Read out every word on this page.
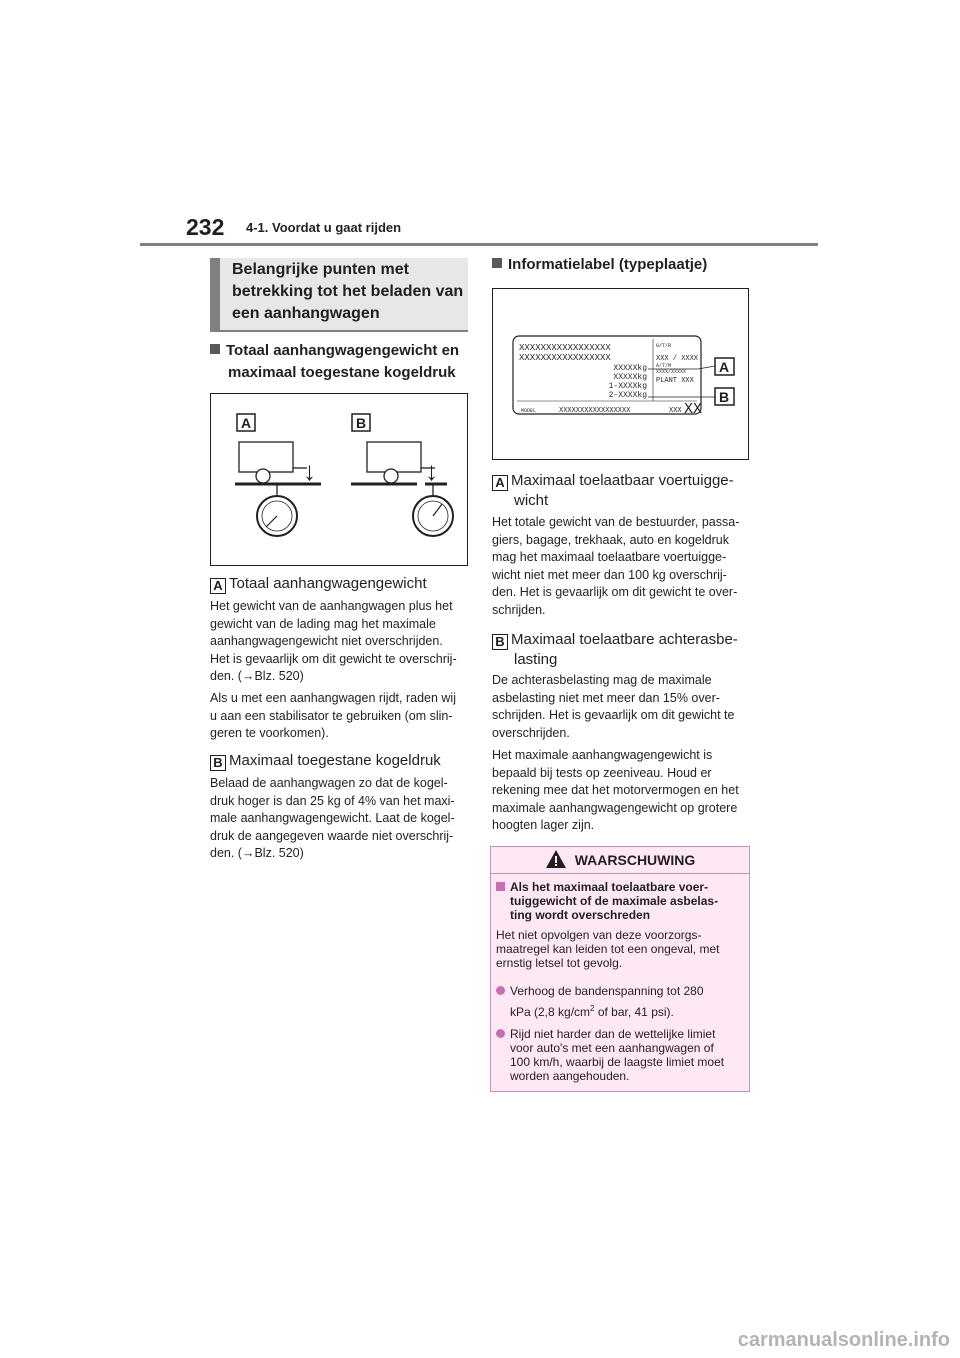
232 4-1. Voordat u gaat rijden
Belangrijke punten met
betrekking tot het beladen van
een aanhangwagen
Totaal aanhangwagengewicht en
maximaal toegestane kogeldruk
A	B
↓	↓
A Totaal aanhangwagengewicht
Het gewicht van de aanhangwagen plus het
gewicht van de lading mag het maximale
aanhangwagengewicht niet overschrijden.
Het is gevaarlijk om dit gewicht te overschrij-
den. (→Blz. 520)
Als u met een aanhangwagen rijdt, raden wij
u aan een stabilisator te gebruiken (om slin-
geren te voorkomen).
B Maximaal toegestane kogeldruk
Belaad de aanhangwagen zo dat de kogel-
druk hoger is dan 25 kg of 4% van het maxi-
male aanhangwagengewicht. Laat de kogel-
druk de aangegeven waarde niet overschrij-
den. (→Blz. 520)
Informatielabel (typeplaatje)
XXXXXXXXXXXXXXXXX
XXXXXXXXXXXXXXXXX
XXXXXkg
XXXXXkg
1-XXXXkg
2-XXXXkg
MODEL	XXXXXXXXXXXXXXXXX
G/T/R
XXX / XXXX
A/T/M
XXXX/XXXXX
PLANT XXX
XXX XX
A
B
A Maximaal toelaatbaar voertuigge-
wicht
Het totale gewicht van de bestuurder, passa-
giers, bagage, trekhaak, auto en kogeldruk
mag het maximaal toelaatbare voertuigge-
wicht niet met meer dan 100 kg overschrij-
den. Het is gevaarlijk om dit gewicht te over-
schrijden.
B Maximaal toelaatbare achterasbe-
lasting
De achterasbelasting mag de maximale
asbelasting niet met meer dan 15% over-
schrijden. Het is gevaarlijk om dit gewicht te
overschrijden.
Het maximale aanhangwagengewicht is
bepaald bij tests op zeeniveau. Houd er
rekening mee dat het motorvermogen en het
maximale aanhangwagengewicht op grotere
hoogten lager zijn.
WAARSCHUWING
Als het maximaal toelaatbare voer-
tuiggewicht of de maximale asbelas-
ting wordt overschreden
Het niet opvolgen van deze voorzorgs-
maatregel kan leiden tot een ongeval, met
ernstig letsel tot gevolg.
Verhoog de bandenspanning tot 280
kPa (2,8 $kg/cm^2$ of bar, 41 psi).
Rijd niet harder dan de wettelijke limiet
voor auto's met een aanhangwagen of
100 km/h, waarbij de laagste limiet moet
worden aangehouden.
carmanualsonline.info
